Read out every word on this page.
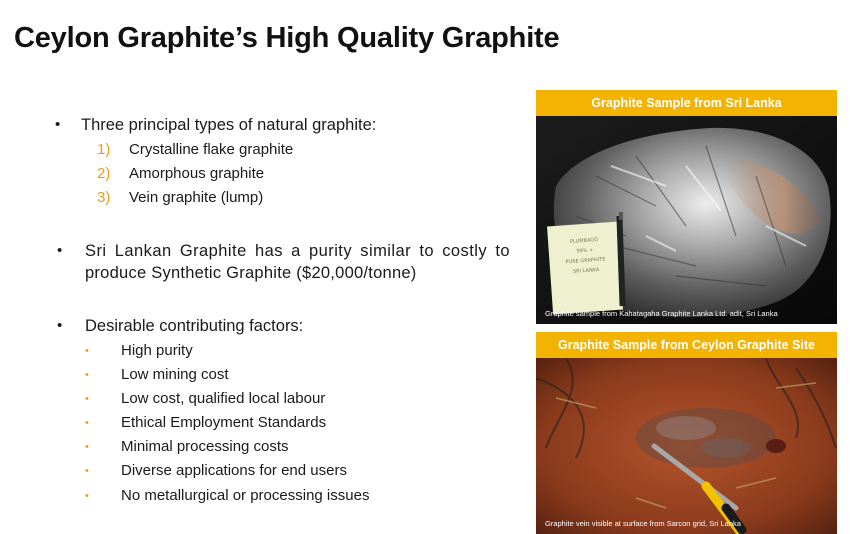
Ceylon Graphite’s High Quality Graphite
• Three principal types of natural graphite:
1) Crystalline flake graphite
2) Amorphous graphite
3) Vein graphite (lump)
• Sri Lankan Graphite has a purity similar to costly to
produce Synthetic Graphite ($20,000/tonne)
• Desirable contributing factors:
• High purity
• Low mining cost
• Low cost, qualified local labour
• Ethical Employment Standards
• Minimal processing costs
• Diverse applications for end users
• No metallurgical or processing issues
Graphite Sample from Sri Lanka
PLUMBAGO
99% +
PURE GRAPHITE
SRI LANKA
Graphite sample from Kahatagaha Graphite Lanka Ltd. adit, Sri Lanka
Graphite Sample from Ceylon Graphite Site
Graphite vein visible at surface from Sarcon grid, Sri Lanka
